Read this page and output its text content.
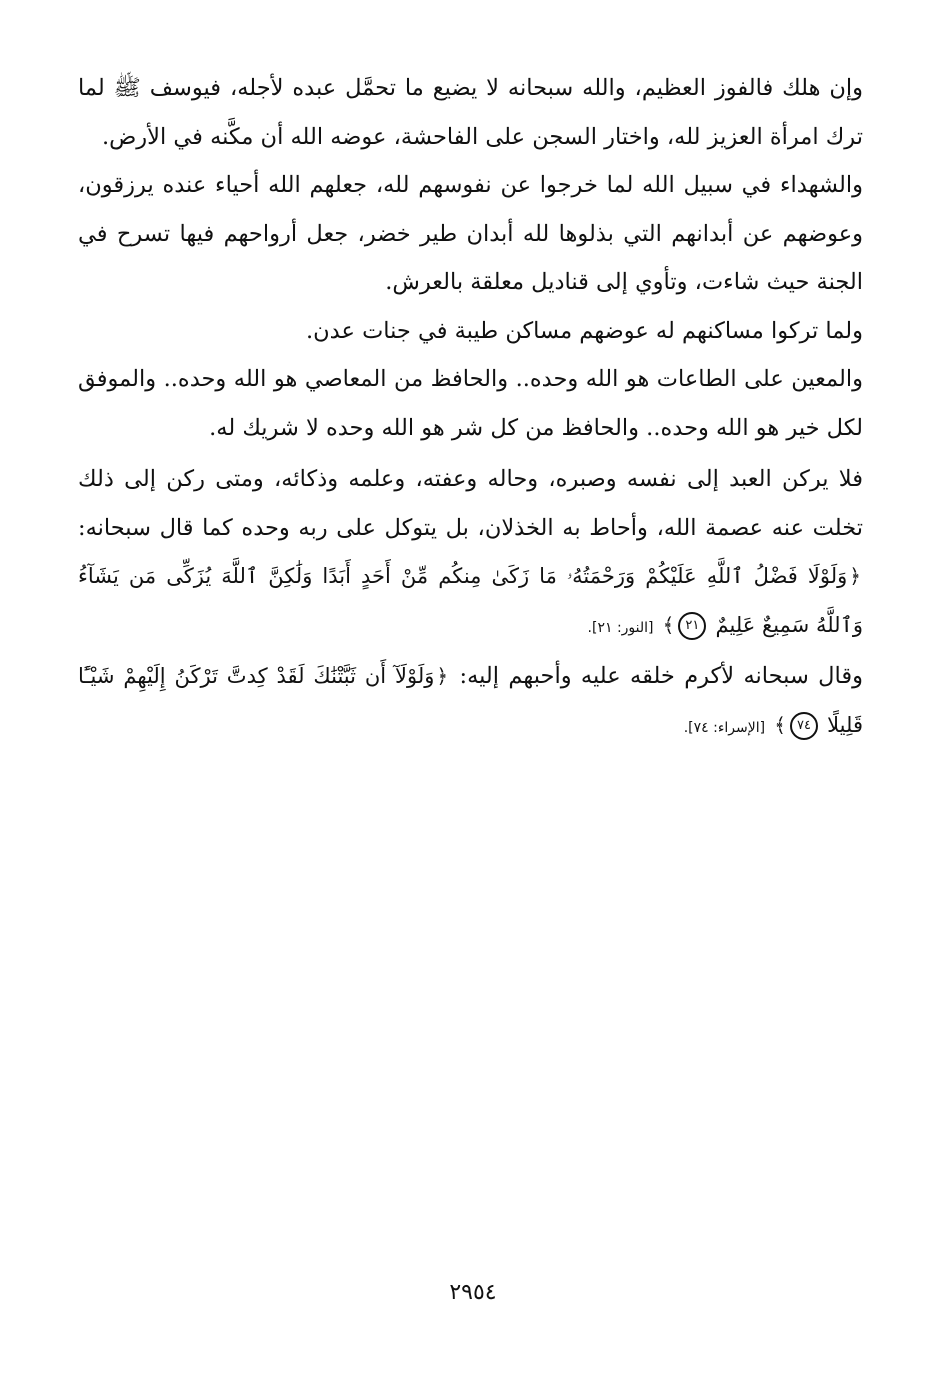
وإن هلك فالفوز العظيم، والله سبحانه لا يضيع ما تحمَّل عبده لأجله، فيوسف ﷺ لما ترك امرأة العزيز لله، واختار السجن على الفاحشة، عوضه الله أن مكَّنه في الأرض.

والشهداء في سبيل الله لما خرجوا عن نفوسهم لله، جعلهم الله أحياء عنده يرزقون، وعوضهم عن أبدانهم التي بذلوها لله أبدان طير خضر، جعل أرواحهم فيها تسرح في الجنة حيث شاءت، وتأوي إلى قناديل معلقة بالعرش.

ولما تركوا مساكنهم له عوضهم مساكن طيبة في جنات عدن.

والمعين على الطاعات هو الله وحده.. والحافظ من المعاصي هو الله وحده.. والموفق لكل خير هو الله وحده.. والحافظ من كل شر هو الله وحده لا شريك له.

فلا يركن العبد إلى نفسه وصبره، وحاله وعفته، وعلمه وذكائه، ومتى ركن إلى ذلك تخلت عنه عصمة الله، وأحاط به الخذلان، بل يتوكل على ربه وحده كما قال سبحانه: ﴿وَلَوْلَا فَضْلُ ٱللَّهِ عَلَيْكُمْ وَرَحْمَتُهُۥ مَا زَكَىٰ مِنكُم مِّنْ أَحَدٍ أَبَدًا وَلَٰكِنَّ ٱللَّهَ يُزَكِّى مَن يَشَآءُ وَٱللَّهُ سَمِيعٌ عَلِيمٌ ٢١﴾ [النور: ٢١].

وقال سبحانه لأكرم خلقه عليه وأحبهم إليه: ﴿وَلَوْلَآ أَن ثَبَّتْنَٰكَ لَقَدْ كِدتَّ تَرْكَنُ إِلَيْهِمْ شَيْـًٔا قَلِيلًا ٧٤﴾ [الإسراء: ٧٤].

٢٩٥٤
